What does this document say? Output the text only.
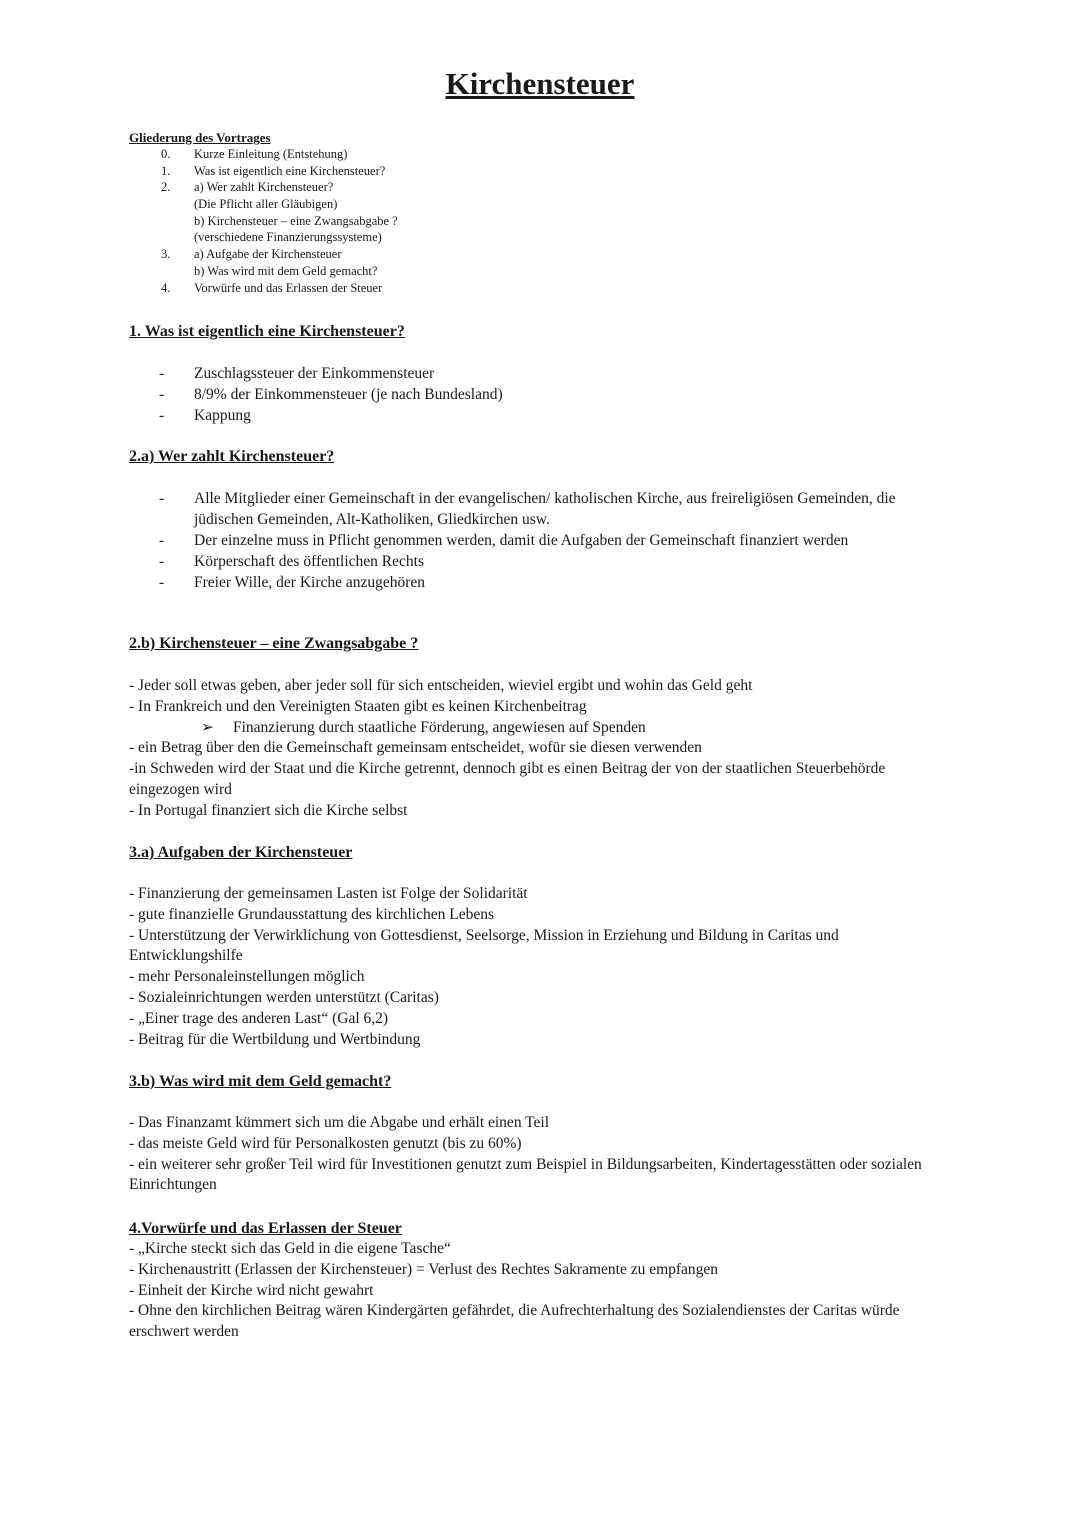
Kirchensteuer
Gliederung des Vortrages
0. Kurze Einleitung (Entstehung)
1. Was ist eigentlich eine Kirchensteuer?
2. a) Wer zahlt Kirchensteuer?
(Die Pflicht aller Gläubigen)
b) Kirchensteuer – eine Zwangsabgabe ?
(verschiedene Finanzierungssysteme)
3. a) Aufgabe der Kirchensteuer
b) Was wird mit dem Geld gemacht?
4. Vorwürfe und das Erlassen der Steuer
1. Was ist eigentlich eine Kirchensteuer?
- Zuschlagssteuer der Einkommensteuer
- 8/9% der Einkommensteuer (je nach Bundesland)
- Kappung
2.a) Wer zahlt Kirchensteuer?
- Alle Mitglieder einer Gemeinschaft in der evangelischen/ katholischen Kirche, aus freireligiösen Gemeinden, die jüdischen Gemeinden, Alt-Katholiken, Gliedkirchen usw.
- Der einzelne muss in Pflicht genommen werden, damit die Aufgaben der Gemeinschaft finanziert werden
- Körperschaft des öffentlichen Rechts
- Freier Wille, der Kirche anzugehören
2.b) Kirchensteuer – eine Zwangsabgabe ?
- Jeder soll etwas geben, aber jeder soll für sich entscheiden, wieviel ergibt und wohin das Geld geht
- In Frankreich und den Vereinigten Staaten gibt es keinen Kirchenbeitrag
➢ Finanzierung durch staatliche Förderung, angewiesen auf Spenden
- ein Betrag über den die Gemeinschaft gemeinsam entscheidet, wofür sie diesen verwenden
-in Schweden wird der Staat und die Kirche getrennt, dennoch gibt es einen Beitrag der von der staatlichen Steuerbehörde eingezogen wird
- In Portugal finanziert sich die Kirche selbst
3.a) Aufgaben der Kirchensteuer
- Finanzierung der gemeinsamen Lasten ist Folge der Solidarität
- gute finanzielle Grundausstattung des kirchlichen Lebens
- Unterstützung der Verwirklichung von Gottesdienst, Seelsorge, Mission in Erziehung und Bildung in Caritas und Entwicklungshilfe
- mehr Personaleinstellungen möglich
- Sozialeinrichtungen werden unterstützt (Caritas)
- „Einer trage des anderen Last“ (Gal 6,2)
- Beitrag für die Wertbildung und Wertbindung
3.b) Was wird mit dem Geld gemacht?
- Das Finanzamt kümmert sich um die Abgabe und erhält einen Teil
- das meiste Geld wird für Personalkosten genutzt (bis zu 60%)
- ein weiterer sehr großer Teil wird für Investitionen genutzt zum Beispiel in Bildungsarbeiten, Kindertagesstätten oder sozialen Einrichtungen
4.Vorwürfe und das Erlassen der Steuer
- „Kirche steckt sich das Geld in die eigene Tasche“
- Kirchenaustritt (Erlassen der Kirchensteuer) = Verlust des Rechtes Sakramente zu empfangen
- Einheit der Kirche wird nicht gewahrt
- Ohne den kirchlichen Beitrag wären Kindergärten gefährdet, die Aufrechterhaltung des Sozialendienstes der Caritas würde erschwert werden
